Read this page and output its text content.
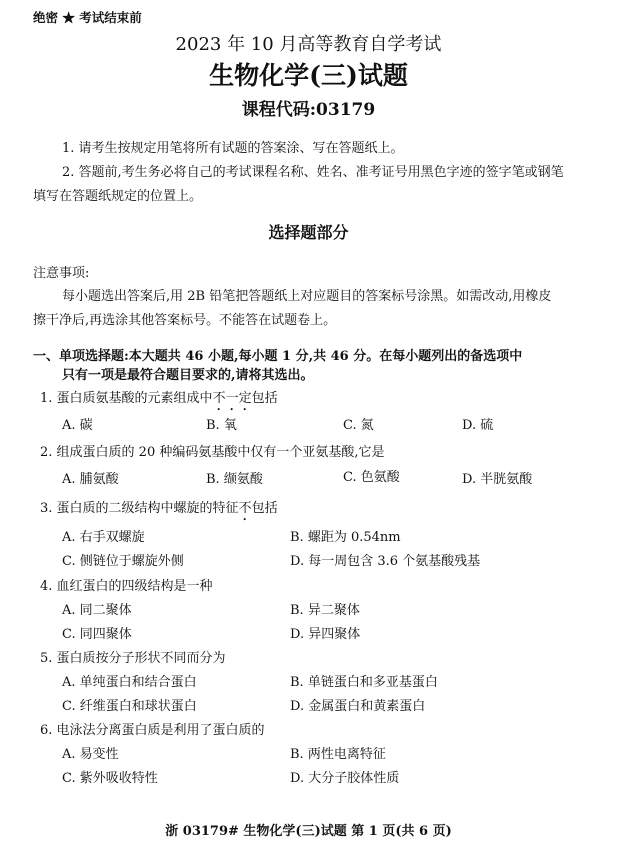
绝密 ★ 考试结束前
2023 年 10 月高等教育自学考试
生物化学(三)试题
课程代码:03179
1. 请考生按规定用笔将所有试题的答案涂、写在答题纸上。
2. 答题前,考生务必将自己的考试课程名称、姓名、准考证号用黑色字迹的签字笔或钢笔
填写在答题纸规定的位置上。
选择题部分
注意事项:
每小题选出答案后,用 2B 铅笔把答题纸上对应题目的答案标号涂黑。如需改动,用橡皮
擦干净后,再选涂其他答案标号。不能答在试题卷上。
一、单项选择题:本大题共 46 小题,每小题 1 分,共 46 分。在每小题列出的备选项中
只有一项是最符合题目要求的,请将其选出。
1. 蛋白质氨基酸的元素组成中不一定包括
A. 碳	B. 氧	C. 氮	D. 硫
2. 组成蛋白质的 20 种编码氨基酸中仅有一个亚氨基酸,它是
A. 脯氨酸	B. 缬氨酸	C. 色氨酸	D. 半胱氨酸
3. 蛋白质的二级结构中螺旋的特征不包括
A. 右手双螺旋	B. 螺距为 0.54nm
C. 侧链位于螺旋外侧	D. 每一周包含 3.6 个氨基酸残基
4. 血红蛋白的四级结构是一种
A. 同二聚体	B. 异二聚体
C. 同四聚体	D. 异四聚体
5. 蛋白质按分子形状不同而分为
A. 单纯蛋白和结合蛋白	B. 单链蛋白和多亚基蛋白
C. 纤维蛋白和球状蛋白	D. 金属蛋白和黄素蛋白
6. 电泳法分离蛋白质是利用了蛋白质的
A. 易变性	B. 两性电离特征
C. 紫外吸收特性	D. 大分子胶体性质
浙 03179# 生物化学(三)试题 第 1 页(共 6 页)
